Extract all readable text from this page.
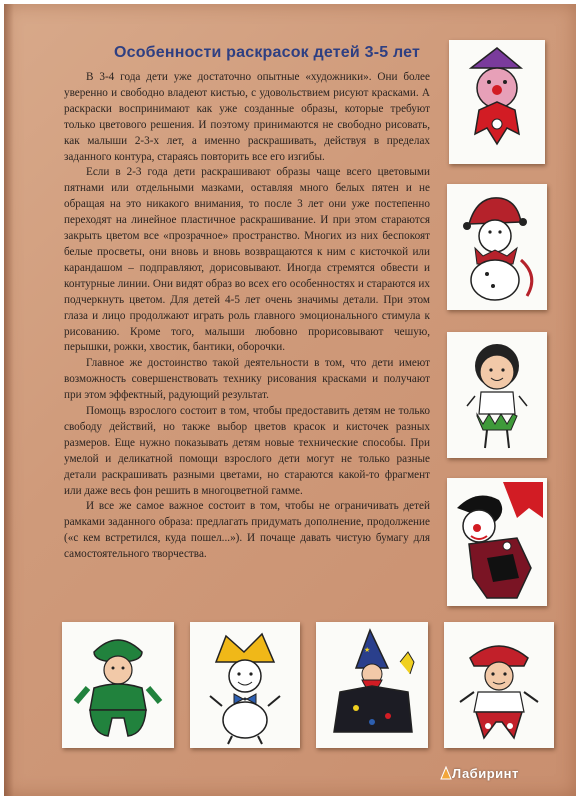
Особенности раскрасок детей 3-5 лет

В 3-4 года дети уже достаточно опытные «художники». Они более уверенно и свободно владеют кистью, с удовольствием рисуют красками. А раскраски воспринимают как уже созданные образы, которые требуют только цветового решения. И поэтому принимаются не свободно рисовать, как малыши 2-3-х лет, а именно раскрашивать, действуя в пределах заданного контура, стараясь повторить все его изгибы.

Если в 2-3 года дети раскрашивают образы чаще всего цветовыми пятнами или отдельными мазками, оставляя много белых пятен и не обращая на это никакого внимания, то после 3 лет они уже постепенно переходят на линейное пластичное раскрашивание. И при этом стараются закрыть цветом все «прозрачное» пространство. Многих из них беспокоят белые просветы, они вновь и вновь возвращаются к ним с кисточкой или карандашом – подправляют, дорисовывают. Иногда стремятся обвести и контурные линии. Они видят образ во всех его особенностях и стараются их подчеркнуть цветом. Для детей 4-5 лет очень значимы детали. При этом глаза и лицо продолжают играть роль главного эмоционального стимула к рисованию. Кроме того, малыши любовно прорисовывают чешую, перышки, рожки, хвостик, бантики, оборочки.

Главное же достоинство такой деятельности в том, что дети имеют возможность совершенствовать технику рисования красками и получают при этом эффектный, радующий результат.

Помощь взрослого состоит в том, чтобы предоставить детям не только свободу действий, но также выбор цветов красок и кисточек разных размеров. Еще нужно показывать детям новые технические способы. При умелой и деликатной помощи взрослого дети могут не только разные детали раскрашивать разными цветами, но стараются какой-то фрагмент или даже весь фон решить в многоцветной гамме.

И все же самое важное состоит в том, чтобы не ограничивать детей рамками заданного образа: предлагать придумать дополнение, продолжение («с кем встретился, куда пошел...»). И почаще давать чистую бумагу для самостоятельного творчества.

★
Лабиринт
